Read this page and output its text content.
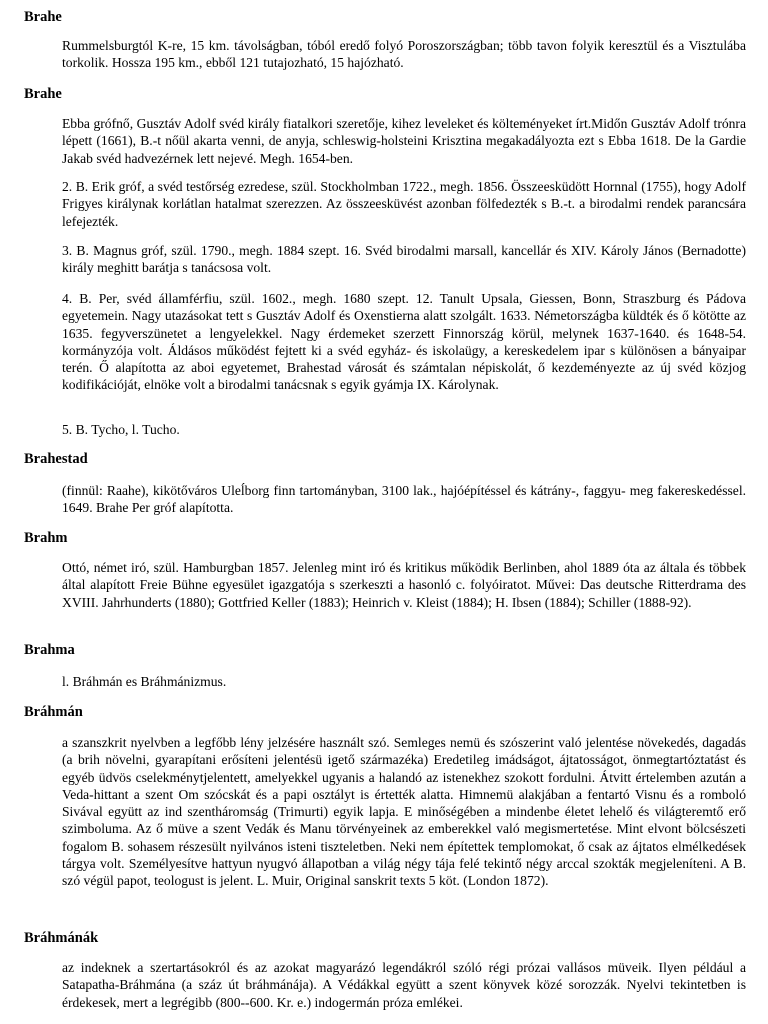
Brahe

Rummelsburgtól K-re, 15 km. távolságban, tóból eredő folyó Poroszországban; több tavon folyik keresztül és a Visztulába torkolik. Hossza 195 km., ebből 121 tutajozható, 15 hajózható.

Brahe

Ebba grófnő, Gusztáv Adolf svéd király fiatalkori szeretője, kihez leveleket és költeményeket írt.Midőn Gusztáv Adolf trónra lépett (1661), B.-t nőül akarta venni, de anyja, schleswig-holsteini Krisztina megakadályozta ezt s Ebba 1618. De la Gardie Jakab svéd hadvezérnek lett nejevé. Megh. 1654-ben.

2. B. Erik gróf, a svéd testőrség ezredese, szül. Stockholmban 1722., megh. 1856. Összeesküdött Hornnal (1755), hogy Adolf Frigyes királynak korlátlan hatalmat szerezzen. Az összeesküvést azonban fölfedezték s B.-t. a birodalmi rendek parancsára lefejezték.

3. B. Magnus gróf, szül. 1790., megh. 1884 szept. 16. Svéd birodalmi marsall, kancellár és XIV. Károly János (Bernadotte) király meghitt barátja s tanácsosa volt.

4. B. Per, svéd államférfiu, szül. 1602., megh. 1680 szept. 12. Tanult Upsala, Giessen, Bonn, Straszburg és Pádova egyetemein. Nagy utazásokat tett s Gusztáv Adolf és Oxenstierna alatt szolgált. 1633. Németországba küldték és ő kötötte az 1635. fegyverszünetet a lengyelekkel. Nagy érdemeket szerzett Finnország körül, melynek 1637-1640. és 1648-54. kormányzója volt. Áldásos működést fejtett ki a svéd egyház- és iskolaügy, a kereskedelem ipar s különösen a bányaipar terén. Ő alapította az aboi egyetemet, Brahestad városát és számtalan népiskolát, ő kezdeményezte az új svéd közjog kodifikációját, elnöke volt a birodalmi tanácsnak s egyik gyámja IX. Károlynak.

5. B. Tycho, l. Tucho.

Brahestad

(finnül: Raahe), kikötőváros Uleĺborg finn tartományban, 3100 lak., hajóépítéssel és kátrány-, faggyu- meg fakereskedéssel. 1649. Brahe Per gróf alapította.

Brahm

Ottó, német iró, szül. Hamburgban 1857. Jelenleg mint iró és kritikus működik Berlinben, ahol 1889 óta az általa és többek által alapított Freie Bühne egyesület igazgatója s szerkeszti a hasonló c. folyóiratot. Művei: Das deutsche Ritterdrama des XVIII. Jahrhunderts (1880); Gottfried Keller (1883); Heinrich v. Kleist (1884); H. Ibsen (1884); Schiller (1888-92).

Brahma

l. Bráhmán es Bráhmánizmus.

Bráhmán

a szanszkrit nyelvben a legfőbb lény jelzésére használt szó. Semleges nemü és szószerint való jelentése növekedés, dagadás (a brih növelni, gyarapítani erősíteni jelentésü igető származéka) Eredetileg imádságot, ájtatosságot, önmegtartóztatást és egyéb üdvös cselekménytjelentett, amelyekkel ugyanis a halandó az istenekhez szokott fordulni. Átvitt értelemben azután a Veda-hittant a szent Om szócskát és a papi osztályt is értették alatta. Himnemü alakjában a fentartó Visnu és a romboló Sivával együtt az ind szentháromság (Trimurti) egyik lapja. E minőségében a mindenbe életet lehelő és világteremtő erő szimboluma. Az ő müve a szent Vedák és Manu törvényeinek az emberekkel való megismertetése. Mint elvont bölcsészeti fogalom B. sohasem részesült nyilvános isteni tiszteletben. Neki nem építettek templomokat, ő csak az ájtatos elmélkedések tárgya volt. Személyesítve hattyun nyugvó állapotban a világ négy tája felé tekintő négy arccal szokták megjeleníteni. A B. szó végül papot, teologust is jelent. L. Muir, Original sanskrit texts 5 köt. (London 1872).

Bráhmánák

az indeknek a szertartásokról és az azokat magyarázó legendákról szóló régi prózai vallásos müveik. Ilyen például a Satapatha-Bráhmána (a száz út bráhmánája). A Védákkal együtt a szent könyvek közé sorozzák. Nyelvi tekintetben is érdekesek, mert a legrégibb (800--600. Kr. e.) indogermán próza emlékei.
